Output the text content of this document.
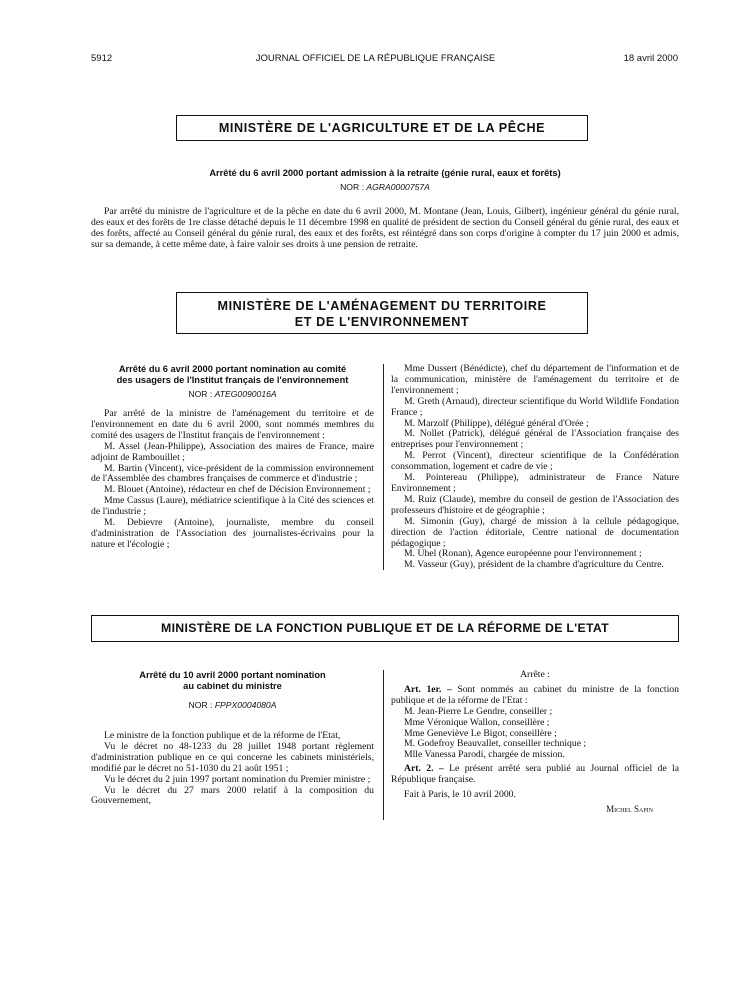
5912	JOURNAL OFFICIEL DE LA RÉPUBLIQUE FRANÇAISE	18 avril 2000
MINISTÈRE DE L'AGRICULTURE ET DE LA PÊCHE
Arrêté du 6 avril 2000 portant admission à la retraite (génie rural, eaux et forêts)
NOR : AGRA0000757A

Par arrêté du ministre de l'agriculture et de la pêche en date du 6 avril 2000, M. Montane (Jean, Louis, Gilbert), ingénieur général du génie rural, des eaux et des forêts de 1re classe détaché depuis le 11 décembre 1998 en qualité de président de section du Conseil général du génie rural, des eaux et des forêts, affecté au Conseil général du génie rural, des eaux et des forêts, est réintégré dans son corps d'origine à compter du 17 juin 2000 et admis, sur sa demande, à cette même date, à faire valoir ses droits à une pension de retraite.

MINISTÈRE DE L'AMÉNAGEMENT DU TERRITOIRE
ET DE L'ENVIRONNEMENT
Arrêté du 6 avril 2000 portant nomination au comité
des usagers de l'Institut français de l'environnement
NOR : ATEG0090016A

Par arrêté de la ministre de l'aménagement du territoire et de l'environnement en date du 6 avril 2000, sont nommés membres du comité des usagers de l'Institut français de l'environnement :

M. Assel (Jean-Philippe), Association des maires de France, maire adjoint de Rambouillet ;

M. Bartin (Vincent), vice-président de la commission environnement de l'Assemblée des chambres françaises de commerce et d'industrie ;

M. Blouet (Antoine), rédacteur en chef de Décision Environnement ;

Mme Cassus (Laure), médiatrice scientifique à la Cité des sciences et de l'industrie ;

M. Debievre (Antoine), journaliste, membre du conseil d'administration de l'Association des journalistes-écrivains pour la nature et l'écologie ;

Mme Dussert (Bénédicte), chef du département de l'information et de la communication, ministère de l'aménagement du territoire et de l'environnement ;

M. Greth (Arnaud), directeur scientifique du World Wildlife Fondation France ;

M. Marzolf (Philippe), délégué général d'Orée ;

M. Nollet (Patrick), délégué général de l'Association française des entreprises pour l'environnement ;

M. Perrot (Vincent), directeur scientifique de la Confédération consommation, logement et cadre de vie ;

M. Pointereau (Philippe), administrateur de France Nature Environnement ;

M. Ruiz (Claude), membre du conseil de gestion de l'Association des professeurs d'histoire et de géographie ;

M. Simonin (Guy), chargé de mission à la cellule pédagogique, direction de l'action éditoriale, Centre national de documentation pédagogique ;

M. Uhel (Ronan), Agence européenne pour l'environnement ;

M. Vasseur (Guy), président de la chambre d'agriculture du Centre.

MINISTÈRE DE LA FONCTION PUBLIQUE ET DE LA RÉFORME DE L'ETAT
Arrêté du 10 avril 2000 portant nomination
au cabinet du ministre
NOR : FPPX0004080A

Le ministre de la fonction publique et de la réforme de l'Etat,

Vu le décret no 48-1233 du 28 juillet 1948 portant règlement d'administration publique en ce qui concerne les cabinets ministériels, modifié par le décret no 51-1030 du 21 août 1951 ;

Vu le décret du 2 juin 1997 portant nomination du Premier ministre ;

Vu le décret du 27 mars 2000 relatif à la composition du Gouvernement,

Arrête :

Art. 1er. – Sont nommés au cabinet du ministre de la fonction publique et de la réforme de l'Etat :

M. Jean-Pierre Le Gendre, conseiller ;

Mme Véronique Wallon, conseillère ;

Mme Geneviève Le Bigot, conseillère ;

M. Godefroy Beauvallet, conseiller technique ;

Mlle Vanessa Parodi, chargée de mission.

Art. 2. – Le présent arrêté sera publié au Journal officiel de la République française.

Fait à Paris, le 10 avril 2000.

Michel Sapin
